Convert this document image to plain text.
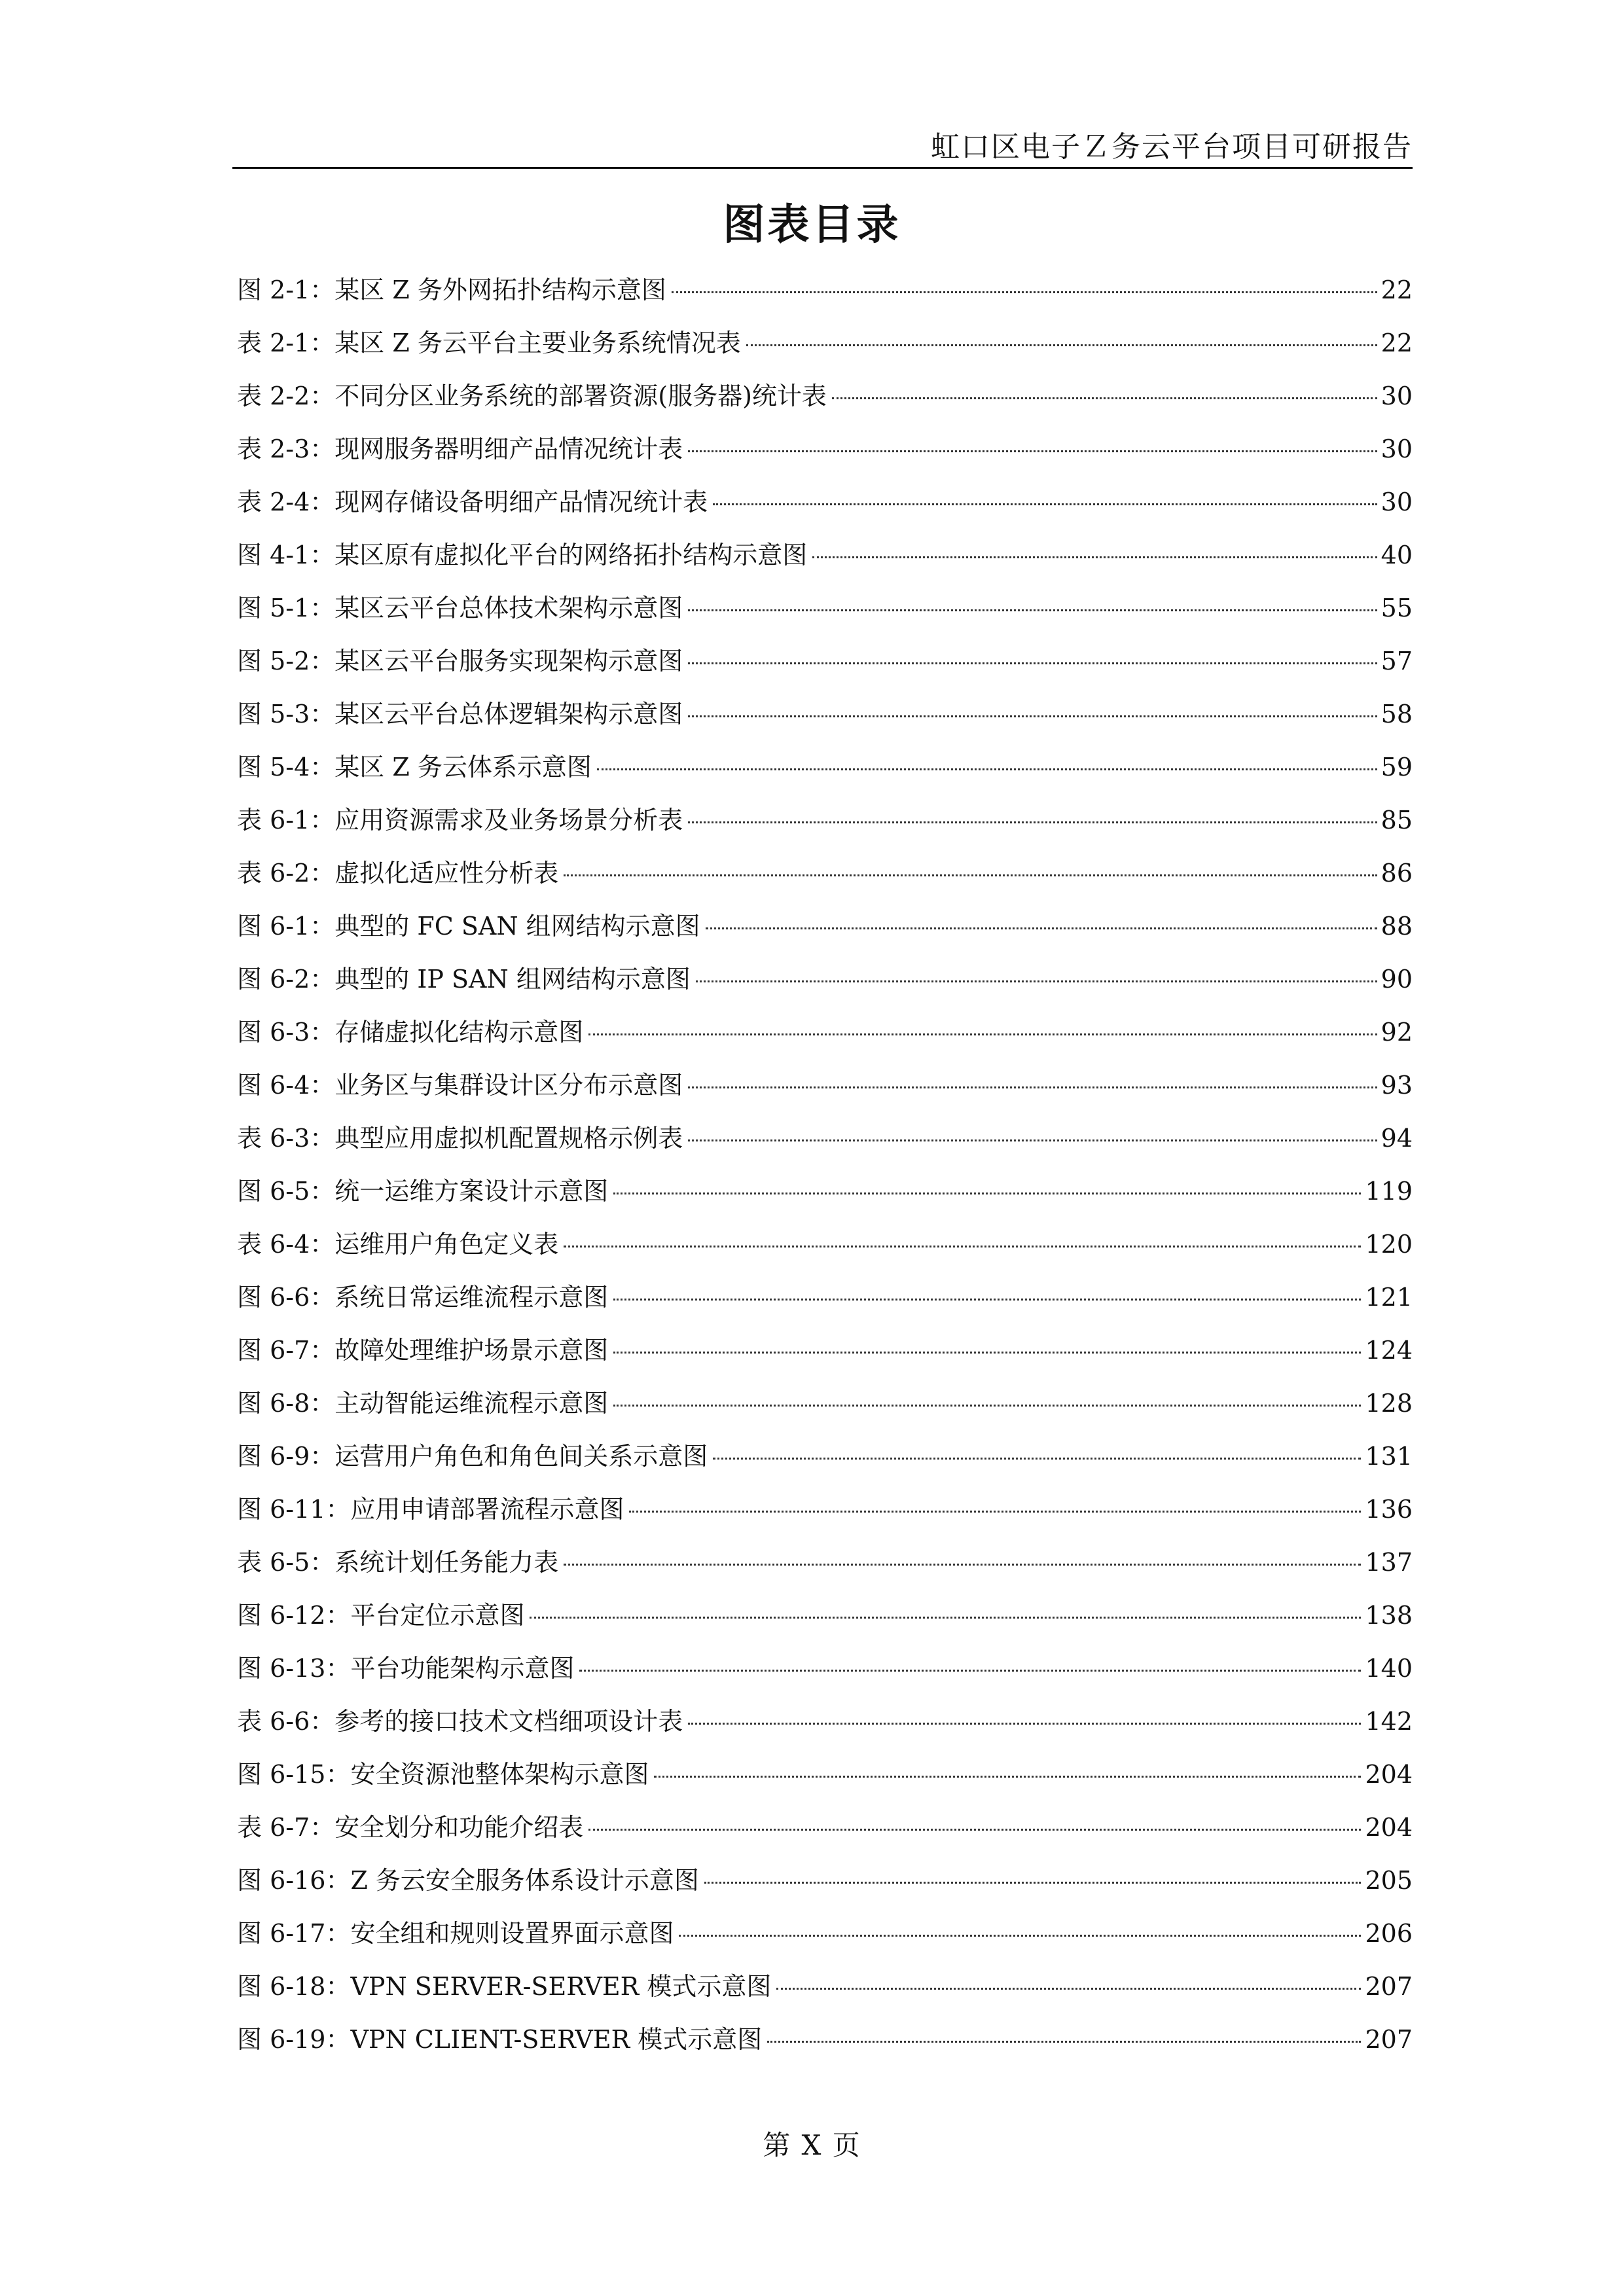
虹口区电子Ｚ务云平台项目可研报告
图表目录
图 2-1：某区 Z 务外网拓扑结构示意图	22
表 2-1：某区 Z 务云平台主要业务系统情况表	22
表 2-2：不同分区业务系统的部署资源(服务器)统计表	30
表 2-3：现网服务器明细产品情况统计表	30
表 2-4：现网存储设备明细产品情况统计表	30
图 4-1：某区原有虚拟化平台的网络拓扑结构示意图	40
图 5-1：某区云平台总体技术架构示意图	55
图 5-2：某区云平台服务实现架构示意图	57
图 5-3：某区云平台总体逻辑架构示意图	58
图 5-4：某区 Z 务云体系示意图	59
表 6-1：应用资源需求及业务场景分析表	85
表 6-2：虚拟化适应性分析表	86
图 6-1：典型的 FC SAN 组网结构示意图	88
图 6-2：典型的 IP SAN 组网结构示意图	90
图 6-3：存储虚拟化结构示意图	92
图 6-4：业务区与集群设计区分布示意图	93
表 6-3：典型应用虚拟机配置规格示例表	94
图 6-5：统一运维方案设计示意图	119
表 6-4：运维用户角色定义表	120
图 6-6：系统日常运维流程示意图	121
图 6-7：故障处理维护场景示意图	124
图 6-8：主动智能运维流程示意图	128
图 6-9：运营用户角色和角色间关系示意图	131
图 6-11：应用申请部署流程示意图	136
表 6-5：系统计划任务能力表	137
图 6-12：平台定位示意图	138
图 6-13：平台功能架构示意图	140
表 6-6：参考的接口技术文档细项设计表	142
图 6-15：安全资源池整体架构示意图	204
表 6-7：安全划分和功能介绍表	204
图 6-16：Z 务云安全服务体系设计示意图	205
图 6-17：安全组和规则设置界面示意图	206
图 6-18：VPN SERVER-SERVER 模式示意图	207
图 6-19：VPN CLIENT-SERVER 模式示意图	207
第 X 页
